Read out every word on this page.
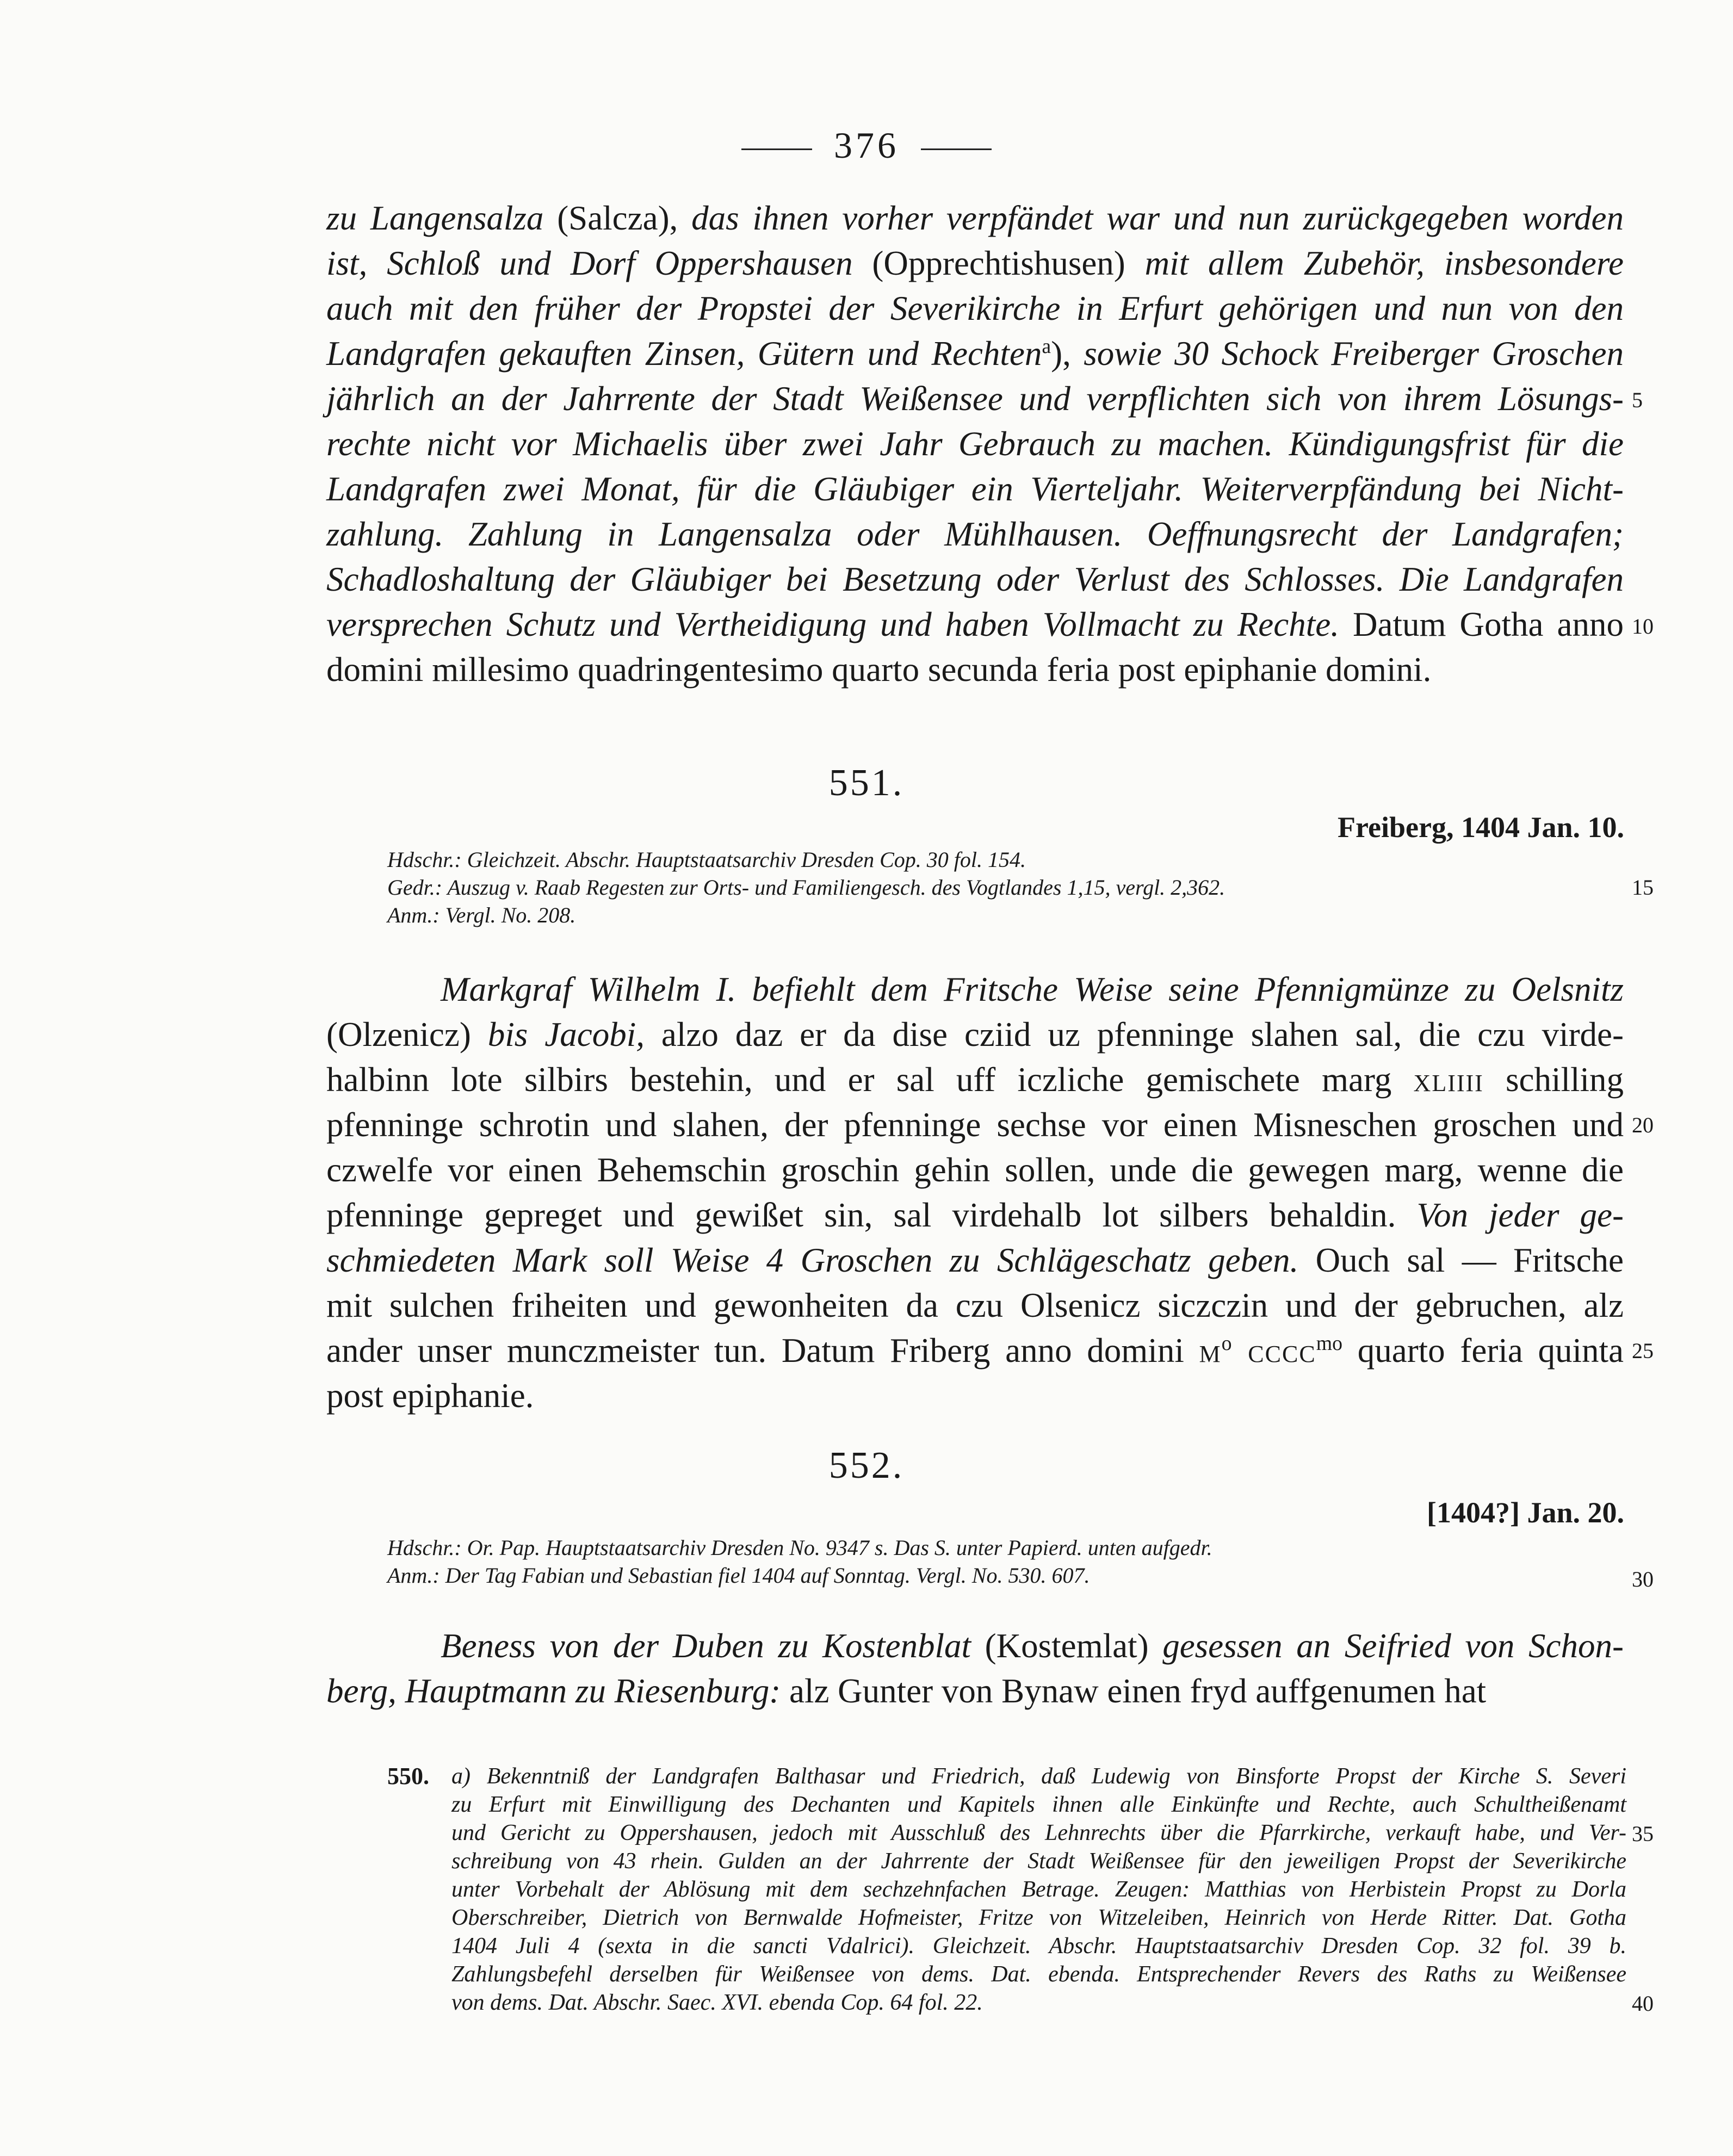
376
zu Langensalza (Salcza), das ihnen vorher verpfändet war und nun zurückgegeben worden
ist, Schloß und Dorf Oppershausen (Opprechtishusen) mit allem Zubehör, insbesondere
auch mit den früher der Propstei der Severikirche in Erfurt gehörigen und nun von den
Landgrafen gekauften Zinsen, Gütern und Rechten$^a$), sowie 30 Schock Freiberger Groschen
jährlich an der Jahrrente der Stadt Weißensee und verpflichten sich von ihrem Lösungs-
rechte nicht vor Michaelis über zwei Jahr Gebrauch zu machen. Kündigungsfrist für die
Landgrafen zwei Monat, für die Gläubiger ein Vierteljahr. Weiterverpfändung bei Nicht-
zahlung. Zahlung in Langensalza oder Mühlhausen. Oeffnungsrecht der Landgrafen;
Schadloshaltung der Gläubiger bei Besetzung oder Verlust des Schlosses. Die Landgrafen
versprechen Schutz und Vertheidigung und haben Vollmacht zu Rechte. Datum Gotha anno
domini millesimo quadringentesimo quarto secunda feria post epiphanie domini.
551.
Freiberg, 1404 Jan. 10.
Hdschr.: Gleichzeit. Abschr. Hauptstaatsarchiv Dresden Cop. 30 fol. 154.
Gedr.: Auszug v. Raab Regesten zur Orts- und Familiengesch. des Vogtlandes 1,15, vergl. 2,362.
Anm.: Vergl. No. 208.
Markgraf Wilhelm I. befiehlt dem Fritsche Weise seine Pfennigmünze zu Oelsnitz
(Olzenicz) bis Jacobi, alzo daz er da dise cziid uz pfenninge slahen sal, die czu virde-
halbinn lote silbirs bestehin, und er sal uff iczliche gemischete marg xliiii schilling
pfenninge schrotin und slahen, der pfenninge sechse vor einen Misneschen groschen und
czwelfe vor einen Behemschin groschin gehin sollen, unde die gewegen marg, wenne die
pfenninge gepreget und gewißet sin, sal virdehalb lot silbers behaldin. Von jeder ge-
schmiedeten Mark soll Weise 4 Groschen zu Schlägeschatz geben. Ouch sal — Fritsche
mit sulchen friheiten und gewonheiten da czu Olsenicz siczczin und der gebruchen, alz
ander unser munczmeister tun. Datum Friberg anno domini $m^o$ cccc$^{mo}$ quarto feria quinta
post epiphanie.
552.
[1404?] Jan. 20.
Hdschr.: Or. Pap. Hauptstaatsarchiv Dresden No. 9347 s. Das S. unter Papierd. unten aufgedr.
Anm.: Der Tag Fabian und Sebastian fiel 1404 auf Sonntag. Vergl. No. 530. 607.
Beness von der Duben zu Kostenblat (Kostemlat) gesessen an Seifried von Schon-
berg, Hauptmann zu Riesenburg: alz Gunter von Bynaw einen fryd auffgenumen hat
550. a) Bekenntniß der Landgrafen Balthasar und Friedrich, daß Ludewig von Binsforte Propst der Kirche S. Severi
zu Erfurt mit Einwilligung des Dechanten und Kapitels ihnen alle Einkünfte und Rechte, auch Schultheißenamt
und Gericht zu Oppershausen, jedoch mit Ausschluß des Lehnrechts über die Pfarrkirche, verkauft habe, und Ver-
schreibung von 43 rhein. Gulden an der Jahrrente der Stadt Weißensee für den jeweiligen Propst der Severikirche
unter Vorbehalt der Ablösung mit dem sechzehnfachen Betrage. Zeugen: Matthias von Herbistein Propst zu Dorla
Oberschreiber, Dietrich von Bernwalde Hofmeister, Fritze von Witzeleiben, Heinrich von Herde Ritter. Dat. Gotha
1404 Juli 4 (sexta in die sancti Vdalrici). Gleichzeit. Abschr. Hauptstaatsarchiv Dresden Cop. 32 fol. 39 b.
Zahlungsbefehl derselben für Weißensee von dems. Dat. ebenda. Entsprechender Revers des Raths zu Weißensee
von dems. Dat. Abschr. Saec. XVI. ebenda Cop. 64 fol. 22.
5
10
15
20
25
30
35
40
